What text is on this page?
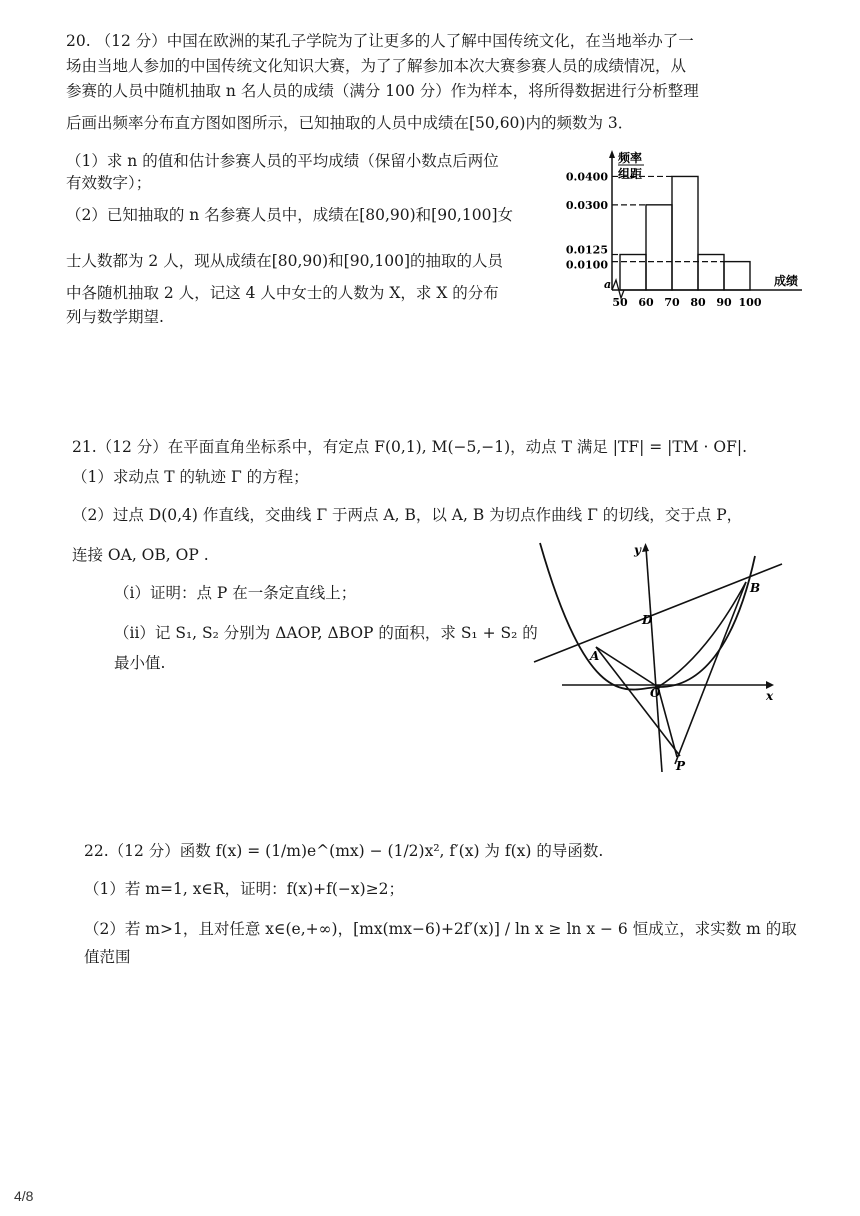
20. （12 分）中国在欧洲的某孔子学院为了让更多的人了解中国传统文化，在当地举办了一
场由当地人参加的中国传统文化知识大赛，为了了解参加本次大赛参赛人员的成绩情况，从
参赛的人员中随机抽取 n 名人员的成绩（满分 100 分）作为样本，将所得数据进行分析整理
后画出频率分布直方图如图所示，已知抽取的人员中成绩在[50,60)内的频数为 3．
（1）求 n 的值和估计参赛人员的平均成绩（保留小数点后两位
有效数字）；
（2）已知抽取的 n 名参赛人员中，成绩在[80,90)和[90,100]女
士人数都为 2 人，现从成绩在[80,90)和[90,100]的抽取的人员
中各随机抽取 2 人，记这 4 人中女士的人数为 X，求 X 的分布
列与数学期望.
0.0400
0.0300
0.0125
0.0100
50 60 70 80 90 100
频率
组距
成绩
a
21.（12 分）在平面直角坐标系中，有定点 F(0,1), M(−5,−1)，动点 T 满足 |TF| = |TM · OF|.
（1）求动点 T 的轨迹 Γ 的方程；
（2）过点 D(0,4) 作直线，交曲线 Γ 于两点 A, B，以 A, B 为切点作曲线 Γ 的切线，交于点 P，
连接 OA, OB, OP .
（i）证明：点 P 在一条定直线上；
（ii）记 S₁, S₂ 分别为 ΔAOP, ΔBOP 的面积，求 S₁ + S₂ 的
最小值.
y
x
B
D
A
O
P
22.（12 分）函数 f(x) = (1/m)e^(mx) − (1/2)x², f′(x) 为 f(x) 的导函数.
（1）若 m=1, x∈R，证明：f(x)+f(−x)≥2；
（2）若 m>1，且对任意 x∈(e,+∞)，[mx(mx−6)+2f′(x)] / ln x ≥ ln x − 6 恒成立，求实数 m 的取
值范围
4/8
